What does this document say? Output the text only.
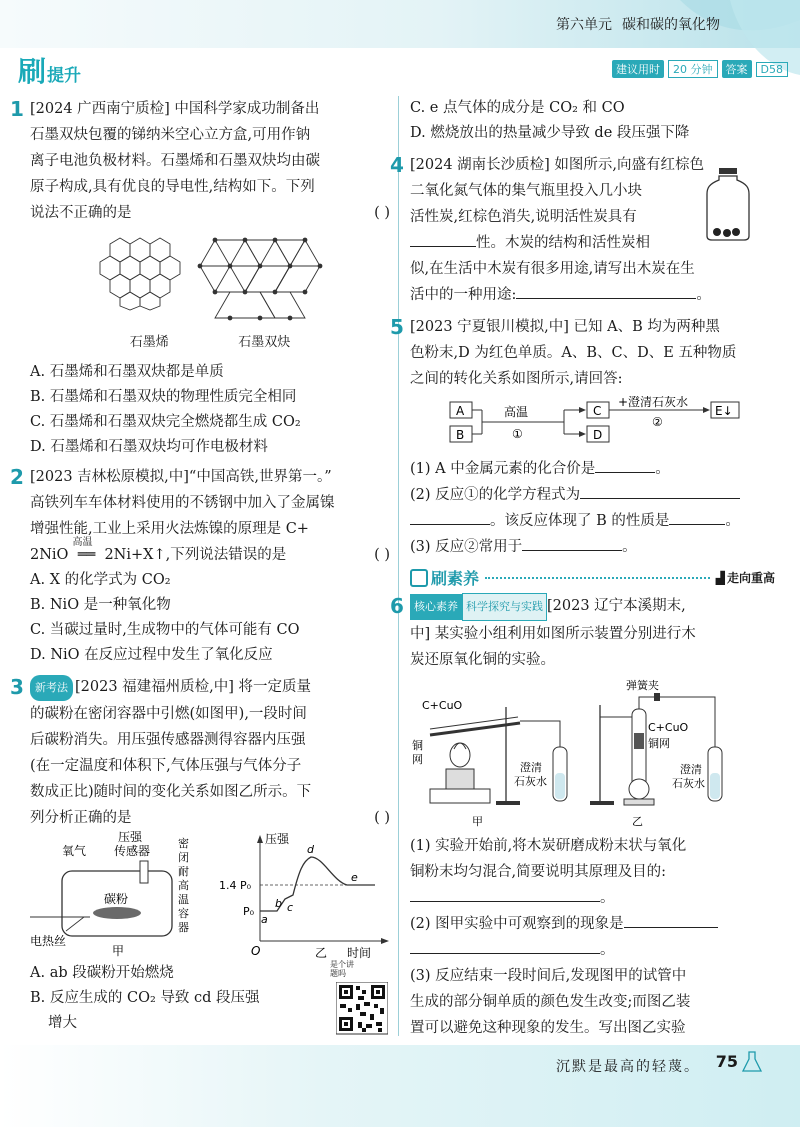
第六单元 碳和碳的氧化物
刷提升	建议用时	20 分钟	答案	D58
1 [2024 广西南宁质检] 中国科学家成功制备出
石墨双炔包覆的锑纳米空心立方盒,可用作钠
离子电池负极材料。石墨烯和石墨双炔均由碳
原子构成,具有优良的导电性,结构如下。下列
说法不正确的是	( )
石墨烯	石墨双炔
A. 石墨烯和石墨双炔都是单质
B. 石墨烯和石墨双炔的物理性质完全相同
C. 石墨烯和石墨双炔完全燃烧都生成 CO₂
D. 石墨烯和石墨双炔均可作电极材料
2 [2023 吉林松原模拟,中]“中国高铁,世界第一。”
高铁列车车体材料使用的不锈钢中加入了金属镍
增强性能,工业上采用火法炼镍的原理是 C+
2NiO
高温
══ 2Ni+X↑,下列说法错误的是	( )
A. X 的化学式为 CO₂
B. NiO 是一种氧化物
C. 当碳过量时,生成物中的气体可能有 CO
D. NiO 在反应过程中发生了氧化反应
3	新考法 [2023 福建福州质检,中] 将一定质量
的碳粉在密闭容器中引燃(如图甲),一段时间
后碳粉消失。用压强传感器测得容器内压强
(在一定温度和体积下,气体压强与气体分子
数成正比)随时间的变化关系如图乙所示。下
列分析正确的是	( )
氧气
压强
传感器
碳粉
电热丝
甲
密
闭
耐
高
温
容
器
压强
时间
O
1.4 P₀
P₀
a
b c
d
e
乙
A. ab 段碳粉开始燃烧
B. 反应生成的 CO₂ 导致 cd 段压强
增大
是个讲题吗
C. e 点气体的成分是 CO₂ 和 CO
D. 燃烧放出的热量减少导致 de 段压强下降
4 [2024 湖南长沙质检] 如图所示,向盛有红棕色
二氧化氮气体的集气瓶里投入几小块
活性炭,红棕色消失,说明活性炭具有
性。木炭的结构和活性炭相
似,在生活中木炭有很多用途,请写出木炭在生
活中的一种用途:	。
5 [2023 宁夏银川模拟,中] 已知 A、B 均为两种黑
色粉末,D 为红色单质。A、B、C、D、E 五种物质
之间的转化关系如图所示,请回答:
A
B
C
D
E↓
高温
①
+澄清石灰水
②
(1) A 中金属元素的化合价是	。
(2) 反应①的化学方程式为
。该反应体现了 B 的性质是	。
(3) 反应②常用于	。
刷素养	▟ 走向重高
6 核心素养 科学探究与实践 [2023 辽宁本溪期末,
中] 某实验小组利用如图所示装置分别进行木
炭还原氧化铜的实验。
C+CuO
铜
网
澄清
石灰水
甲
弹簧夹
C+CuO
铜网
澄清
石灰水
乙
(1) 实验开始前,将木炭研磨成粉末状与氧化
铜粉末均匀混合,简要说明其原理及目的:
。
(2) 图甲实验中可观察到的现象是
。
(3) 反应结束一段时间后,发现图甲的试管中
生成的部分铜单质的颜色发生改变;而图乙装
置可以避免这种现象的发生。写出图乙实验
沉默是最高的轻蔑。 75
